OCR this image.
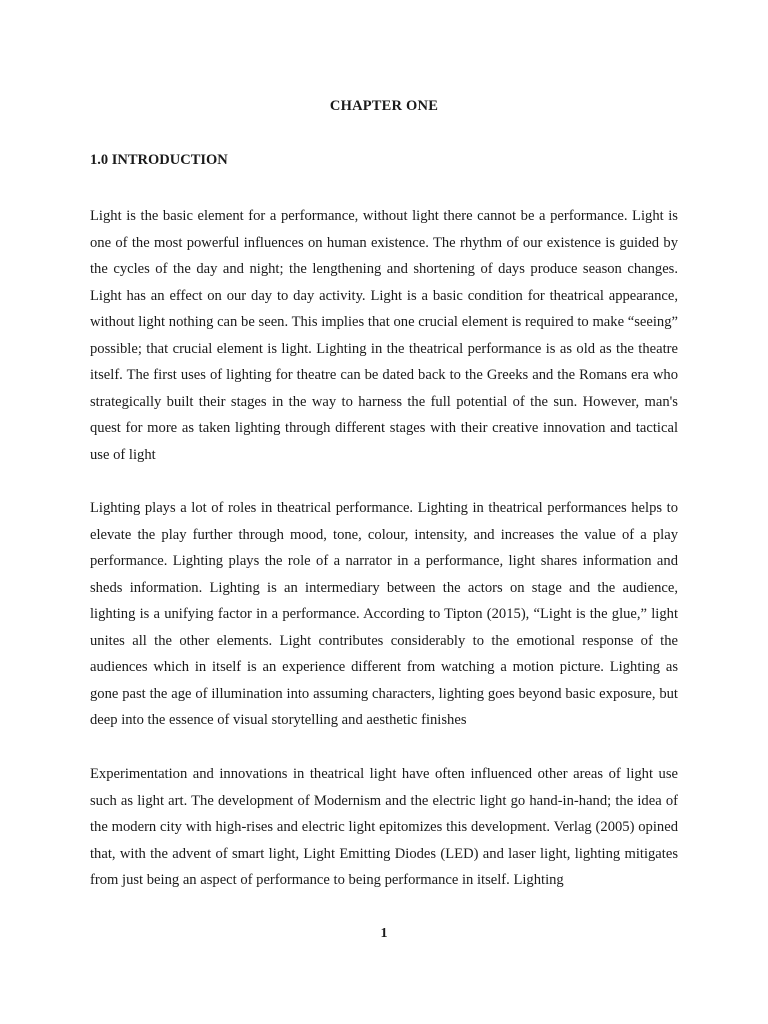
CHAPTER ONE
1.0 INTRODUCTION

Light is the basic element for a performance, without light there cannot be a performance. Light is one of the most powerful influences on human existence. The rhythm of our existence is guided by the cycles of the day and night; the lengthening and shortening of days produce season changes. Light has an effect on our day to day activity. Light is a basic condition for theatrical appearance, without light nothing can be seen. This implies that one crucial element is required to make “seeing” possible; that crucial element is light. Lighting in the theatrical performance is as old as the theatre itself. The first uses of lighting for theatre can be dated back to the Greeks and the Romans era who strategically built their stages in the way to harness the full potential of the sun. However, man's quest for more as taken lighting through different stages with their creative innovation and tactical use of light

Lighting plays a lot of roles in theatrical performance. Lighting in theatrical performances helps to elevate the play further through mood, tone, colour, intensity, and increases the value of a play performance. Lighting plays the role of a narrator in a performance, light shares information and sheds information. Lighting is an intermediary between the actors on stage and the audience, lighting is a unifying factor in a performance. According to Tipton (2015), “Light is the glue,” light unites all the other elements. Light contributes considerably to the emotional response of the audiences which in itself is an experience different from watching a motion picture. Lighting as gone past the age of illumination into assuming characters, lighting goes beyond basic exposure, but deep into the essence of visual storytelling and aesthetic finishes

Experimentation and innovations in theatrical light have often influenced other areas of light use such as light art. The development of Modernism and the electric light go hand-in-hand; the idea of the modern city with high-rises and electric light epitomizes this development. Verlag (2005) opined that, with the advent of smart light, Light Emitting Diodes (LED) and laser light, lighting mitigates from just being an aspect of performance to being performance in itself. Lighting

1
